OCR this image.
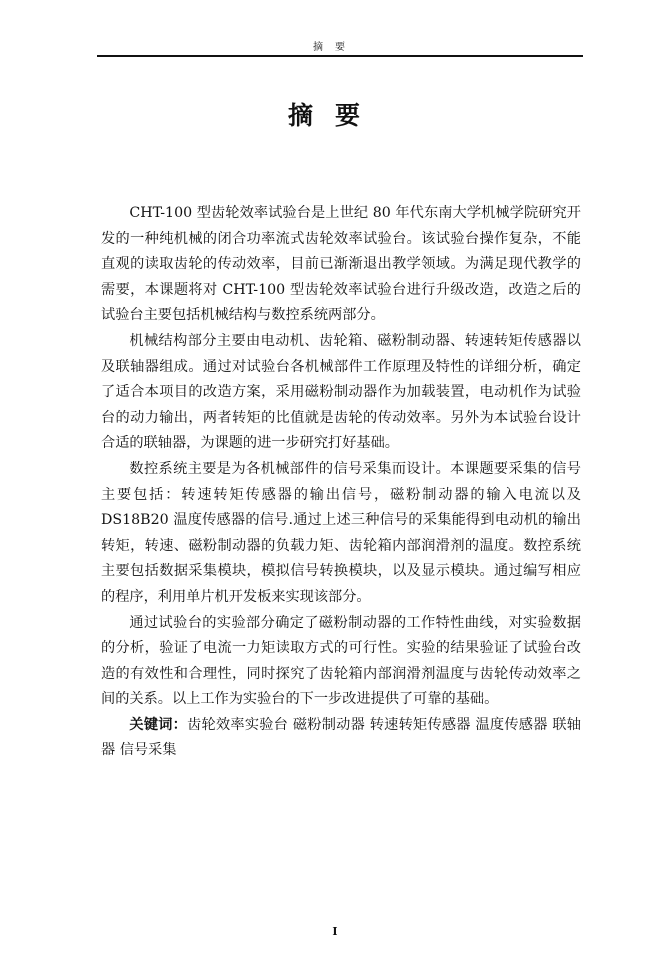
摘要
摘要

CHT-100 型齿轮效率试验台是上世纪 80 年代东南大学机械学院研究开发的一种纯机械的闭合功率流式齿轮效率试验台。该试验台操作复杂，不能直观的读取齿轮的传动效率，目前已渐渐退出教学领域。为满足现代教学的需要，本课题将对 CHT-100 型齿轮效率试验台进行升级改造，改造之后的试验台主要包括机械结构与数控系统两部分。

机械结构部分主要由电动机、齿轮箱、磁粉制动器、转速转矩传感器以及联轴器组成。通过对试验台各机械部件工作原理及特性的详细分析，确定了适合本项目的改造方案，采用磁粉制动器作为加载装置，电动机作为试验台的动力输出，两者转矩的比值就是齿轮的传动效率。另外为本试验台设计合适的联轴器，为课题的进一步研究打好基础。

数控系统主要是为各机械部件的信号采集而设计。本课题要采集的信号主要包括：转速转矩传感器的输出信号，磁粉制动器的输入电流以及 DS18B20 温度传感器的信号.通过上述三种信号的采集能得到电动机的输出转矩，转速、磁粉制动器的负载力矩、齿轮箱内部润滑剂的温度。数控系统主要包括数据采集模块，模拟信号转换模块，以及显示模块。通过编写相应的程序，利用单片机开发板来实现该部分。

通过试验台的实验部分确定了磁粉制动器的工作特性曲线，对实验数据的分析，验证了电流一力矩读取方式的可行性。实验的结果验证了试验台改造的有效性和合理性，同时探究了齿轮箱内部润滑剂温度与齿轮传动效率之间的关系。以上工作为实验台的下一步改进提供了可靠的基础。

关键词：齿轮效率实验台 磁粉制动器 转速转矩传感器 温度传感器 联轴器 信号采集
I
